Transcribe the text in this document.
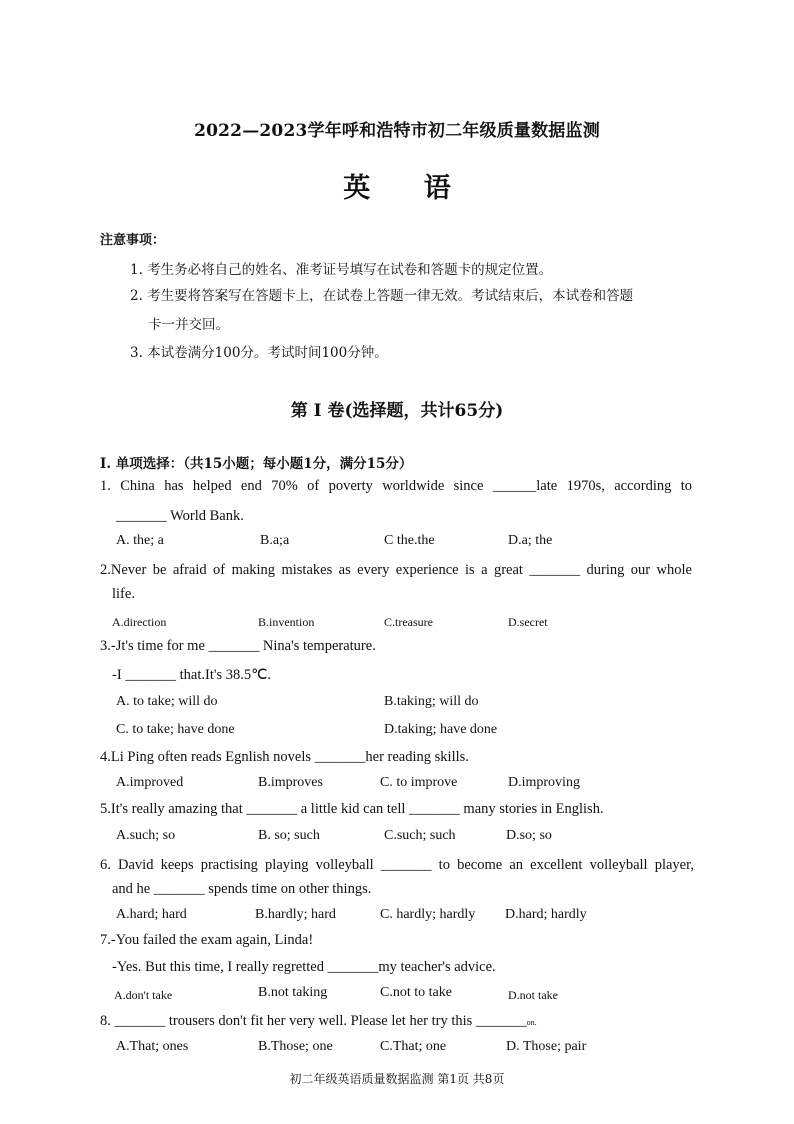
2022—2023学年呼和浩特市初二年级质量数据监测
英 语
注意事项：
1. 考生务必将自己的姓名、准考证号填写在试卷和答题卡的规定位置。
2. 考生要将答案写在答题卡上，在试卷上答题一律无效。考试结束后，本试卷和答题
卡一并交回。
3. 本试卷满分100分。考试时间100分钟。
第 I 卷(选择题，共计65分)
I. 单项选择：（共15小题；每小题1分，满分15分）
1. China has helped end 70% of poverty worldwide since ______late 1970s, according to
_______ World Bank.
A. the; a	B.a;a	C the.the	D.a; the
2.Never be afraid of making mistakes as every experience is a great _______ during our whole
life.
A.direction	B.invention	C.treasure	D.secret
3.-Jt's time for me _______ Nina's temperature.
-I _______ that.It's 38.5℃.
A. to take; will do	B.taking; will do
C. to take; have done	D.taking; have done
4.Li Ping often reads Egnlish novels _______her reading skills.
A.improved	B.improves	C. to improve	D.improving
5.It's really amazing that _______ a little kid can tell _______ many stories in English.
A.such; so	B. so; such	C.such; such	D.so; so
6. David keeps practising playing volleyball _______ to become an excellent volleyball player,
and he _______ spends time on other things.
A.hard; hard	B.hardly; hard	C. hardly; hardly D.hard; hardly
7.-You failed the exam again, Linda!
-Yes. But this time, I really regretted _______my teacher's advice.
A.don't take	B.not taking	C.not to take	D.not take
8. _______ trousers don't fit her very well. Please let her try this _______on.
A.That; ones	B.Those; one	C.That; one	D. Those; pair
初二年级英语质量数据监测 第1页 共8页
